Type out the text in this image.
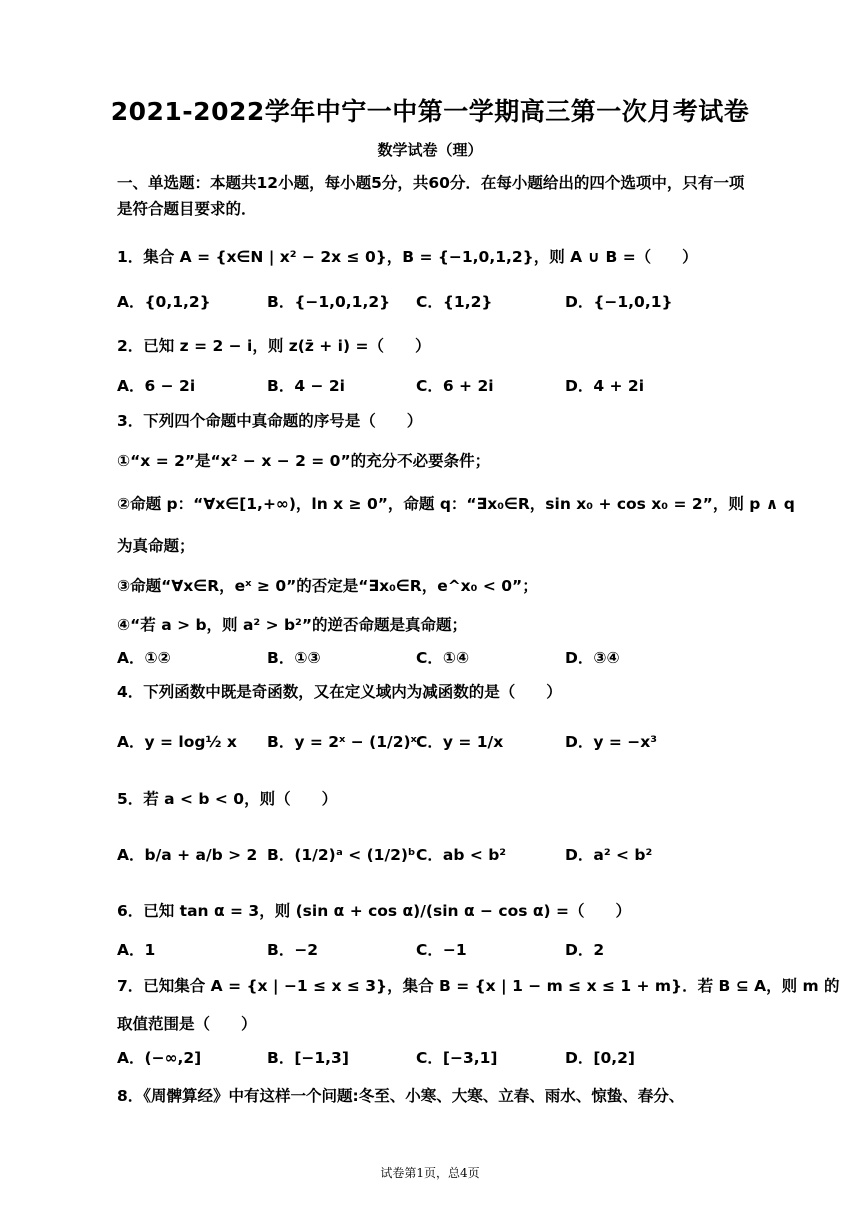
2021-2022学年中宁一中第一学期高三第一次月考试卷
数学试卷（理）
一、单选题：本题共12小题，每小题5分，共60分．在每小题给出的四个选项中，只有一项是符合题目要求的．
1．集合 A = {x∈N | x² − 2x ≤ 0}，B = {−1,0,1,2}，则 A ∪ B =（　　）
A．{0,1,2}	B．{−1,0,1,2} C．{1,2}	D．{−1,0,1}
2．已知 z = 2 − i，则 z(z̄ + i) =（　　）
A．6 − 2i	B．4 − 2i	C．6 + 2i	D．4 + 2i
3．下列四个命题中真命题的序号是（　　）
①“x = 2”是“x² − x − 2 = 0”的充分不必要条件；
②命题 p：“∀x∈[1,+∞)，ln x ≥ 0”，命题 q：“∃x₀∈R，sin x₀ + cos x₀ = 2”，则 p ∧ q
为真命题；
③命题“∀x∈R，eˣ ≥ 0”的否定是“∃x₀∈R，e^x₀ < 0”；
④“若 a > b，则 a² > b²”的逆否命题是真命题；
A．①②	B．①③	C．①④	D．③④
4．下列函数中既是奇函数，又在定义域内为减函数的是（　　）
A．y = log½ x B．y = 2ˣ − (1/2)ˣ C．y = 1/x	D．y = −x³
5．若 a < b < 0，则（　　）
A．b/a + a/b > 2 B．(1/2)ᵃ < (1/2)ᵇ C．ab < b²	D．a² < b²
6．已知 tan α = 3，则 (sin α + cos α)/(sin α − cos α) =（　　）
A．1	B．−2	C．−1	D．2
7．已知集合 A = {x | −1 ≤ x ≤ 3}，集合 B = {x | 1 − m ≤ x ≤ 1 + m}．若 B ⊆ A，则 m 的
取值范围是（　　）
A．(−∞,2]	B．[−1,3]	C．[−3,1]	D．[0,2]
8．《周髀算经》中有这样一个问题:冬至、小寒、大寒、立春、雨水、惊蛰、春分、
试卷第1页，总4页
